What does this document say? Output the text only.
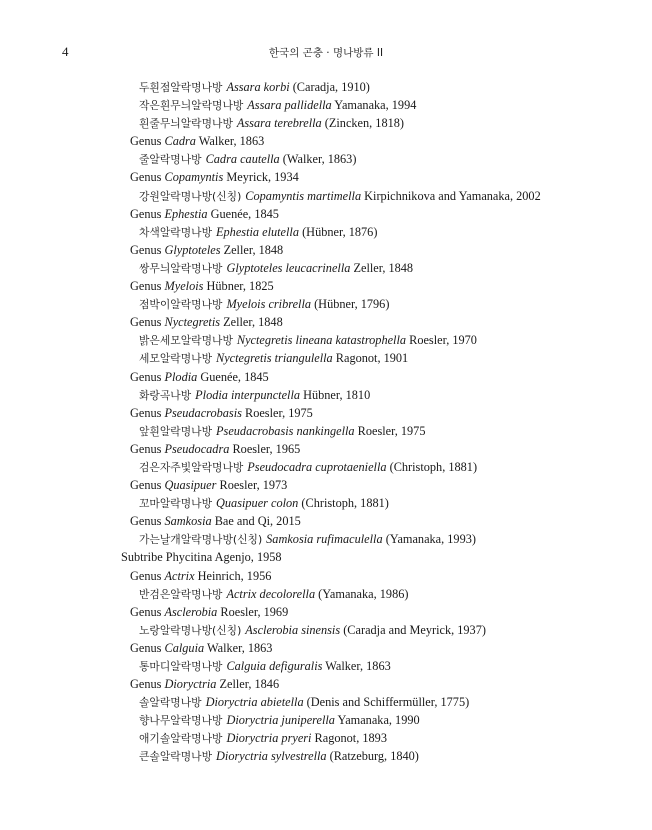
4	한국의 곤충 · 명나방류 II
두흰점알락명나방 Assara korbi (Caradja, 1910)
작은흰무늬알락명나방 Assara pallidella Yamanaka, 1994
흰줄무늬알락명나방 Assara terebrella (Zincken, 1818)
Genus Cadra Walker, 1863
줄알락명나방 Cadra cautella (Walker, 1863)
Genus Copamyntis Meyrick, 1934
강원알락명나방(신칭) Copamyntis martimella Kirpichnikova and Yamanaka, 2002
Genus Ephestia Guenée, 1845
차색알락명나방 Ephestia elutella (Hübner, 1876)
Genus Glyptoteles Zeller, 1848
쌍무늬알락명나방 Glyptoteles leucacrinella Zeller, 1848
Genus Myelois Hübner, 1825
점박이알락명나방 Myelois cribrella (Hübner, 1796)
Genus Nyctegretis Zeller, 1848
밝은세모알락명나방 Nyctegretis lineana katastrophella Roesler, 1970
세모알락명나방 Nyctegretis triangulella Ragonot, 1901
Genus Plodia Guenée, 1845
화랑곡나방 Plodia interpunctella Hübner, 1810
Genus Pseudacrobasis Roesler, 1975
앞흰알락명나방 Pseudacrobasis nankingella Roesler, 1975
Genus Pseudocadra Roesler, 1965
검은자주빛알락명나방 Pseudocadra cuprotaeniella (Christoph, 1881)
Genus Quasipuer Roesler, 1973
꼬마알락명나방 Quasipuer colon (Christoph, 1881)
Genus Samkosia Bae and Qi, 2015
가는날개알락명나방(신칭) Samkosia rufimaculella (Yamanaka, 1993)
Subtribe Phycitina Agenjo, 1958
Genus Actrix Heinrich, 1956
반검은알락명나방 Actrix decolorella (Yamanaka, 1986)
Genus Asclerobia Roesler, 1969
노랑알락명나방(신칭) Asclerobia sinensis (Caradja and Meyrick, 1937)
Genus Calguia Walker, 1863
통마디알락명나방 Calguia defiguralis Walker, 1863
Genus Dioryctria Zeller, 1846
솔알락명나방 Dioryctria abietella (Denis and Schiffermüller, 1775)
향나무알락명나방 Dioryctria juniperella Yamanaka, 1990
애기솔알락명나방 Dioryctria pryeri Ragonot, 1893
큰솔알락명나방 Dioryctria sylvestrella (Ratzeburg, 1840)
